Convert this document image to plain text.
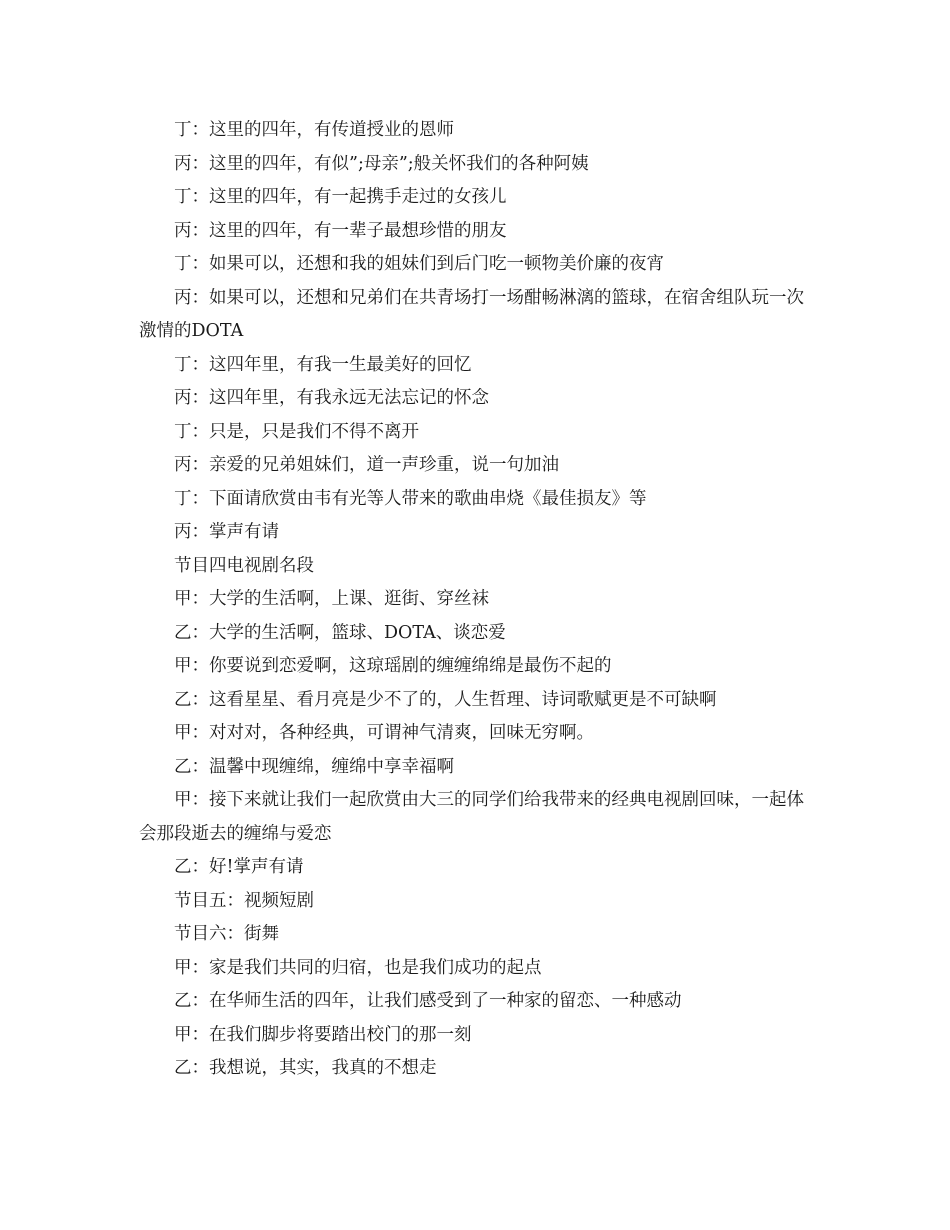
丁：这里的四年，有传道授业的恩师

丙：这里的四年，有似”;母亲”;般关怀我们的各种阿姨

丁：这里的四年，有一起携手走过的女孩儿

丙：这里的四年，有一辈子最想珍惜的朋友

丁：如果可以，还想和我的姐妹们到后门吃一顿物美价廉的夜宵

丙：如果可以，还想和兄弟们在共青场打一场酣畅淋漓的篮球，在宿舍组队玩一次激情的DOTA

丁：这四年里，有我一生最美好的回忆

丙：这四年里，有我永远无法忘记的怀念

丁：只是，只是我们不得不离开

丙：亲爱的兄弟姐妹们，道一声珍重，说一句加油

丁：下面请欣赏由韦有光等人带来的歌曲串烧《最佳损友》等

丙：掌声有请

节目四电视剧名段

甲：大学的生活啊，上课、逛街、穿丝袜

乙：大学的生活啊，篮球、DOTA、谈恋爱

甲：你要说到恋爱啊，这琼瑶剧的缠缠绵绵是最伤不起的

乙：这看星星、看月亮是少不了的，人生哲理、诗词歌赋更是不可缺啊

甲：对对对，各种经典，可谓神气清爽，回味无穷啊。

乙：温馨中现缠绵，缠绵中享幸福啊

甲：接下来就让我们一起欣赏由大三的同学们给我带来的经典电视剧回味，一起体会那段逝去的缠绵与爱恋

乙：好!掌声有请

节目五：视频短剧

节目六：街舞

甲：家是我们共同的归宿，也是我们成功的起点

乙：在华师生活的四年，让我们感受到了一种家的留恋、一种感动

甲：在我们脚步将要踏出校门的那一刻

乙：我想说，其实，我真的不想走
